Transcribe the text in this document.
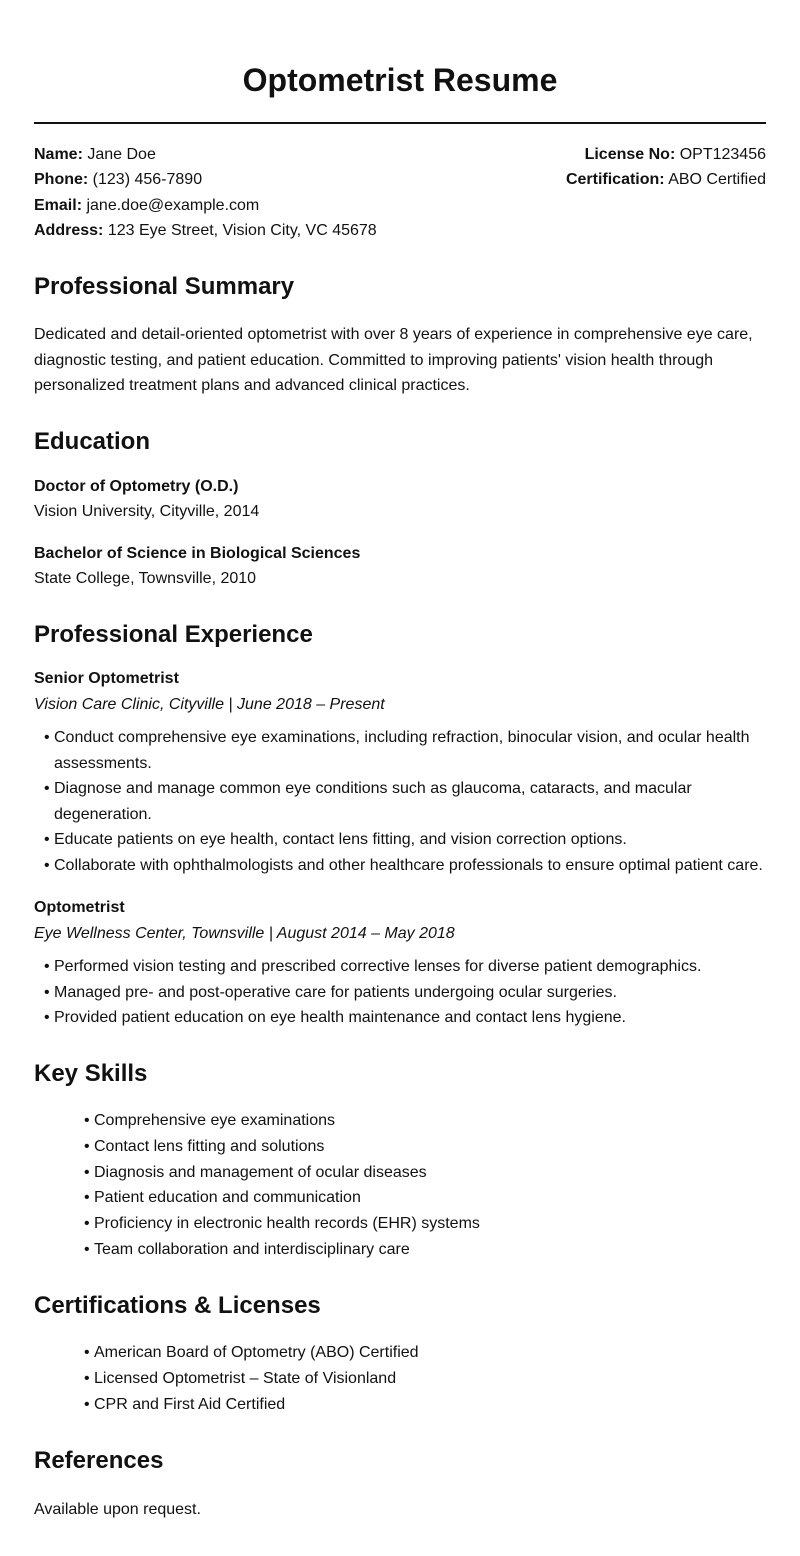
Optometrist Resume
Name: Jane Doe
Phone: (123) 456-7890
Email: jane.doe@example.com
Address: 123 Eye Street, Vision City, VC 45678
License No: OPT123456
Certification: ABO Certified
Professional Summary

Dedicated and detail-oriented optometrist with over 8 years of experience in comprehensive eye care, diagnostic testing, and patient education. Committed to improving patients' vision health through personalized treatment plans and advanced clinical practices.

Education
Doctor of Optometry (O.D.)
Vision University, Cityville, 2014
Bachelor of Science in Biological Sciences
State College, Townsville, 2010
Professional Experience
Senior Optometrist
Vision Care Clinic, Cityville | June 2018 – Present
• Conduct comprehensive eye examinations, including refraction, binocular vision, and ocular health assessments.
• Diagnose and manage common eye conditions such as glaucoma, cataracts, and macular degeneration.
• Educate patients on eye health, contact lens fitting, and vision correction options.
• Collaborate with ophthalmologists and other healthcare professionals to ensure optimal patient care.
Optometrist
Eye Wellness Center, Townsville | August 2014 – May 2018
• Performed vision testing and prescribed corrective lenses for diverse patient demographics.
• Managed pre- and post-operative care for patients undergoing ocular surgeries.
• Provided patient education on eye health maintenance and contact lens hygiene.
Key Skills
• Comprehensive eye examinations
• Contact lens fitting and solutions
• Diagnosis and management of ocular diseases
• Patient education and communication
• Proficiency in electronic health records (EHR) systems
• Team collaboration and interdisciplinary care
Certifications & Licenses
• American Board of Optometry (ABO) Certified
• Licensed Optometrist – State of Visionland
• CPR and First Aid Certified
References

Available upon request.
